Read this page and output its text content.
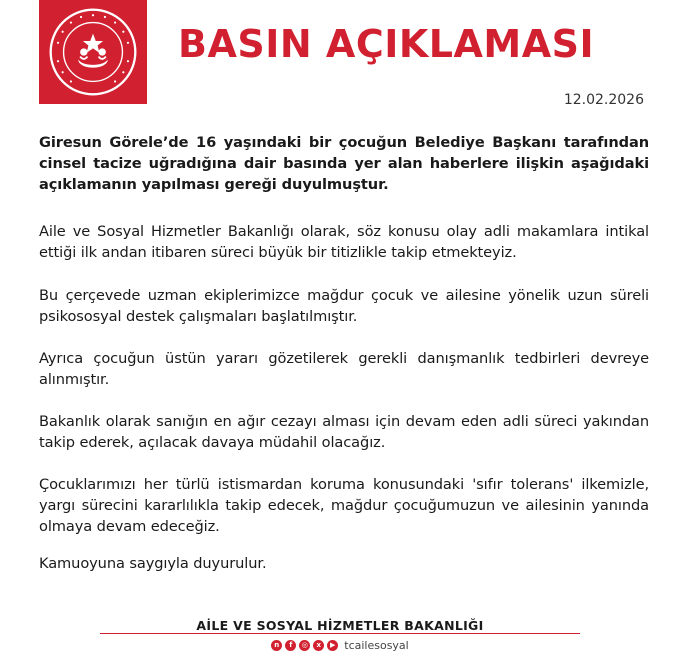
BASIN AÇIKLAMASI
12.02.2026
Giresun Görele’de 16 yaşındaki bir çocuğun Belediye Başkanı tarafından cinsel tacize uğradığına dair basında yer alan haberlere ilişkin aşağıdaki açıklamanın yapılması gereği duyulmuştur.
Aile ve Sosyal Hizmetler Bakanlığı olarak, söz konusu olay adli makamlara intikal ettiği ilk andan itibaren süreci büyük bir titizlikle takip etmekteyiz.
Bu çerçevede uzman ekiplerimizce mağdur çocuk ve ailesine yönelik uzun süreli psikososyal destek çalışmaları başlatılmıştır.
Ayrıca çocuğun üstün yararı gözetilerek gerekli danışmanlık tedbirleri devreye alınmıştır.
Bakanlık olarak sanığın en ağır cezayı alması için devam eden adli süreci yakından takip ederek, açılacak davaya müdahil olacağız.
Çocuklarımızı her türlü istismardan koruma konusundaki 'sıfır tolerans' ilkemizle, yargı sürecini kararlılıkla takip edecek, mağdur çocuğumuzun ve ailesinin yanında olmaya devam edeceğiz.
Kamuoyuna saygıyla duyurulur.
AİLE VE SOSYAL HİZMETLER BAKANLIĞI
n	f	◎	x	▶ tcailesosyal
